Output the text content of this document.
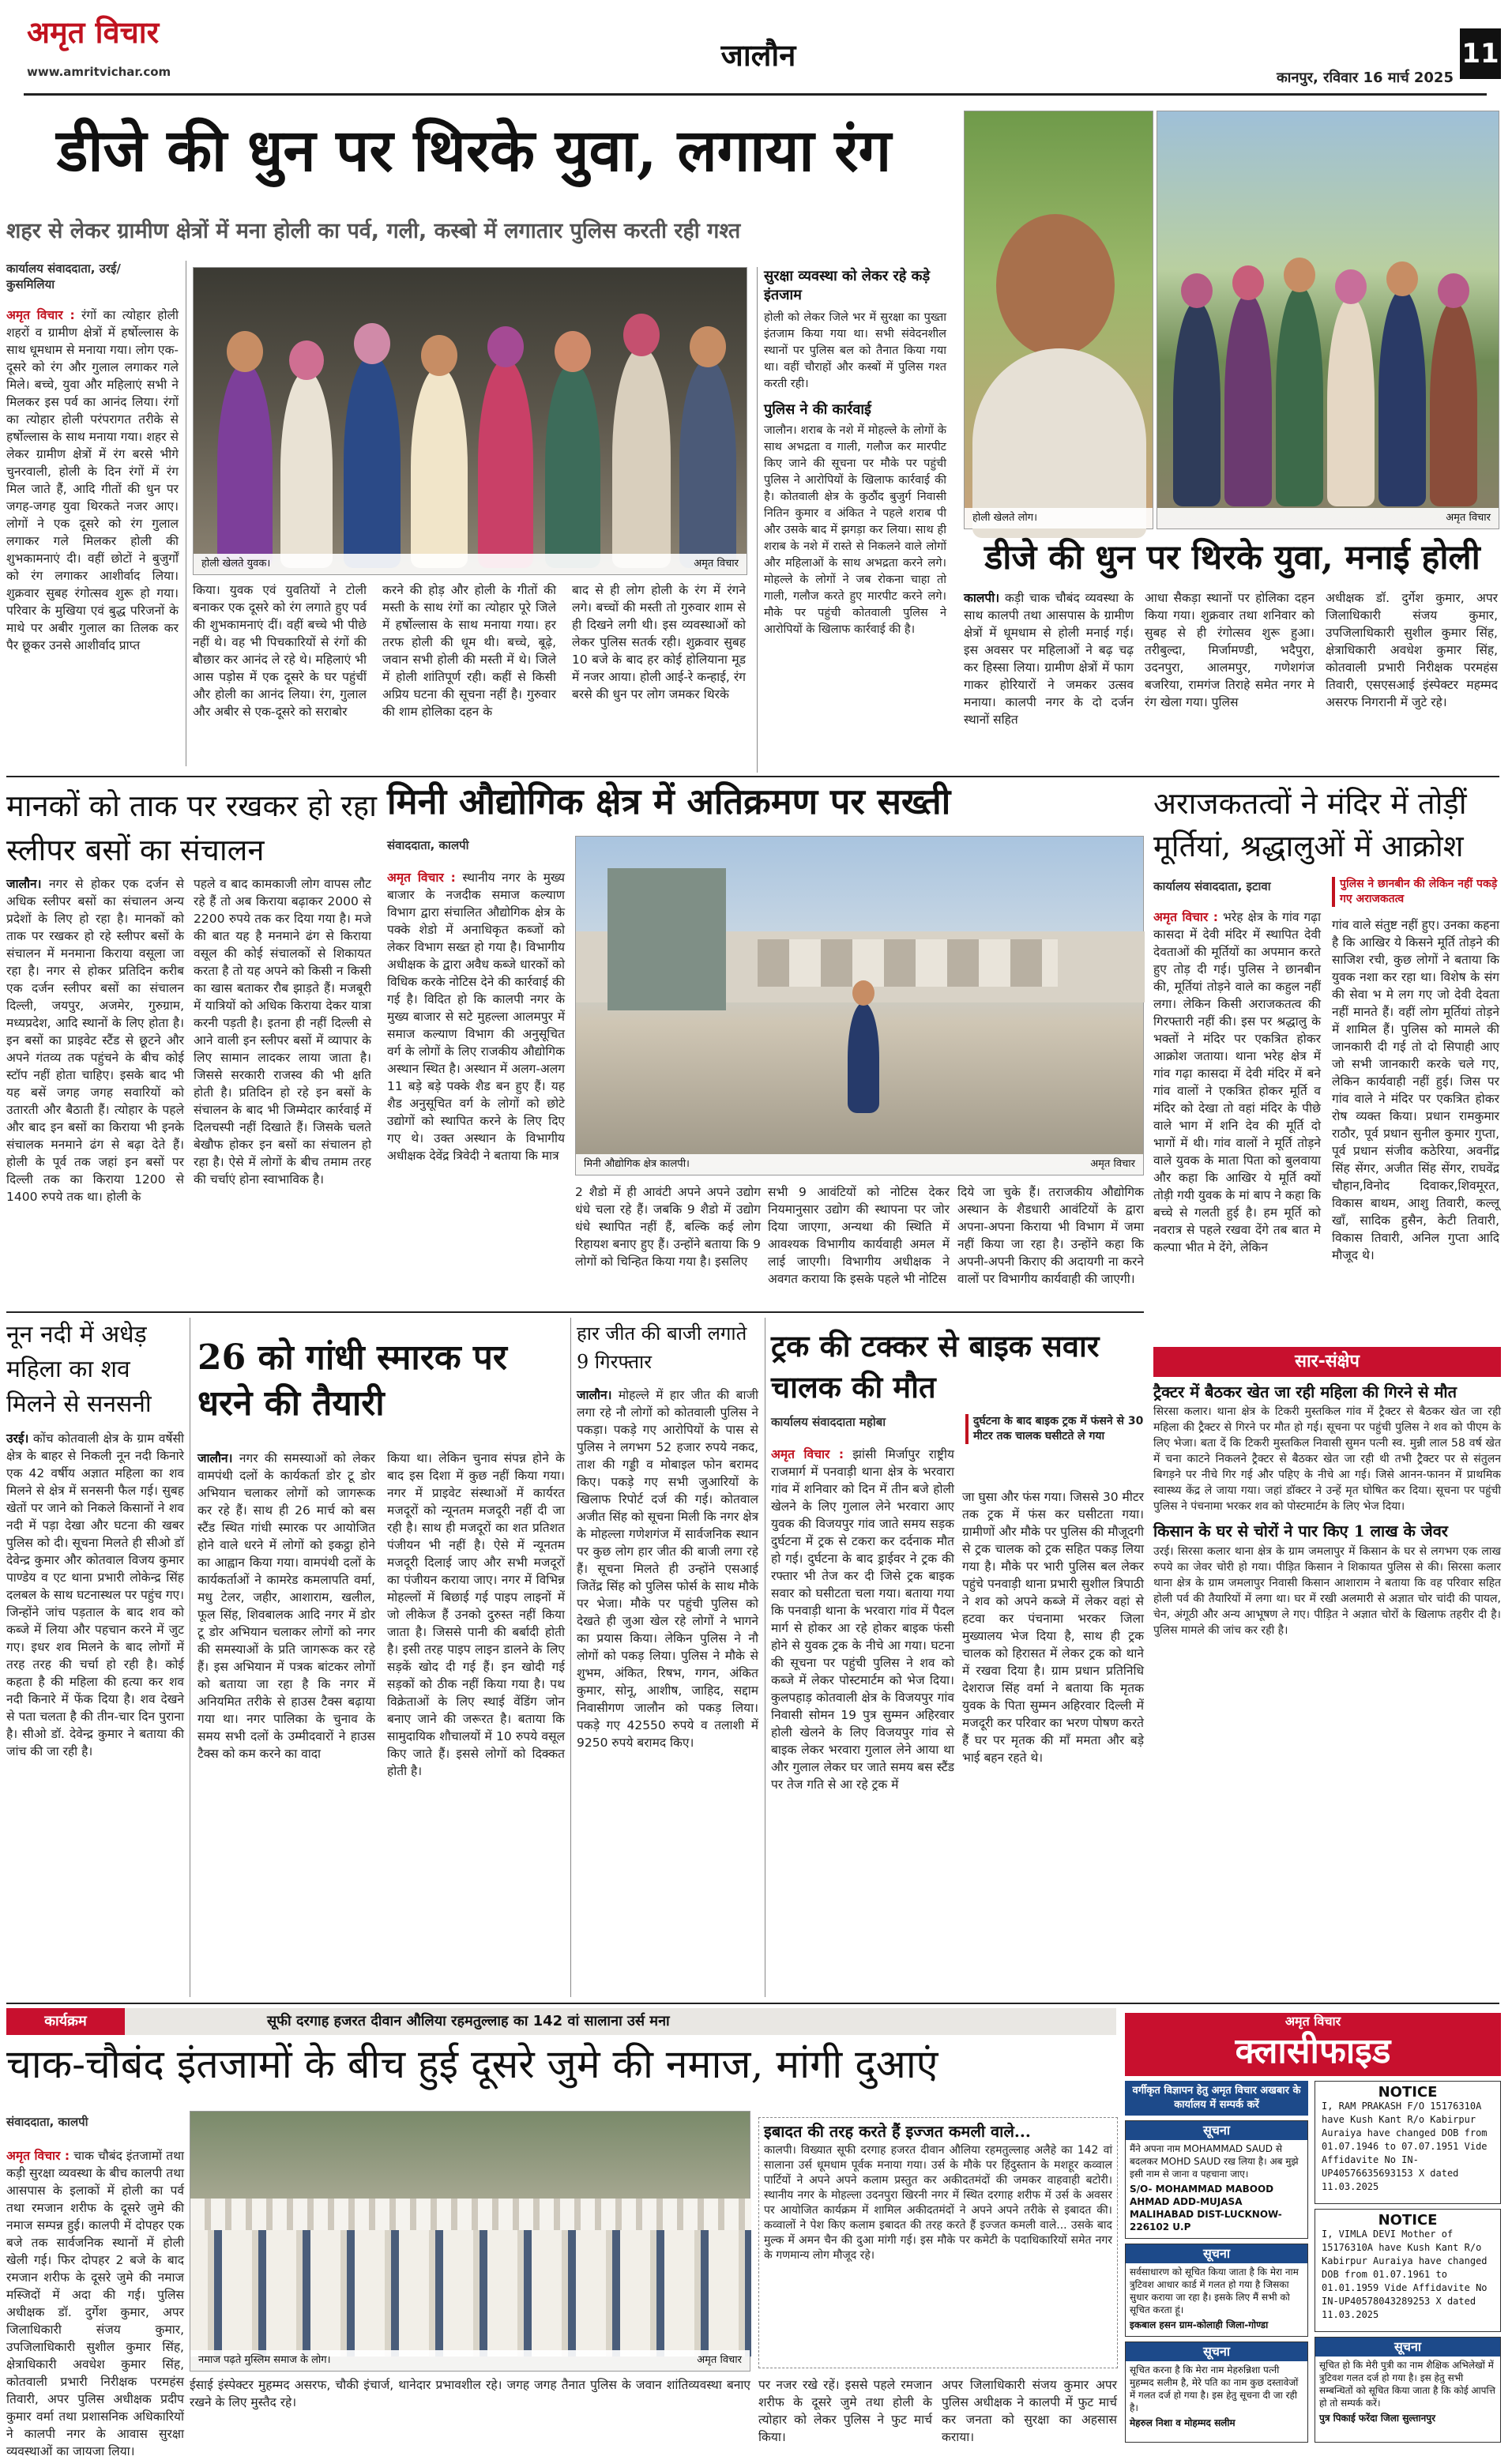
अमृत विचार
www.amritvichar.com	जालौन
कानपुर, रविवार 16 मार्च 2025
11
डीजे की धुन पर थिरके युवा, लगाया रंग
शहर से लेकर ग्रामीण क्षेत्रों में मना होली का पर्व, गली, कस्बो में लगातार पुलिस करती रही गश्त
कार्यालय संवाददाता, उरई/कुसमिलिया
अमृत विचार : रंगों का त्योहार होली शहरों व ग्रामीण क्षेत्रों में हर्षोल्लास के साथ धूमधाम से मनाया गया। लोग एक-दूसरे को रंग और गुलाल लगाकर गले मिले। बच्चे, युवा और महिलाएं सभी ने मिलकर इस पर्व का आनंद लिया। रंगों का त्योहार होली परंपरागत तरीके से हर्षोल्लास के साथ मनाया गया। शहर से लेकर ग्रामीण क्षेत्रों में रंग बरसे भीगे चुनरवाली, होली के दिन रंगों में रंग मिल जाते हैं, आदि गीतों की धुन पर जगह-जगह युवा थिरकते नजर आए। लोगों ने एक दूसरे को रंग गुलाल लगाकर गले मिलकर होली की शुभकामनाएं दी। वहीं छोटों ने बुजुर्गों को रंग लगाकर आशीर्वाद लिया। शुक्रवार सुबह रंगोत्सव शुरू हो गया। परिवार के मुखिया एवं बुद्ध परिजनों के माथे पर अबीर गुलाल का तिलक कर पैर छूकर उनसे आशीर्वाद प्राप्त
होली खेलते युवक।	अमृत विचार
किया। युवक एवं युवतियों ने टोली बनाकर एक दूसरे को रंग लगाते हुए पर्व की शुभकामनाएं दीं। वहीं बच्चे भी पीछे नहीं थे। वह भी पिचकारियों से रंगों की बौछार कर आनंद ले रहे थे। महिलाएं भी आस पड़ोस में एक दूसरे के घर पहुंचीं और होली का आनंद लिया। रंग, गुलाल और अबीर से एक-दूसरे को सराबोर
करने की होड़ और होली के गीतों की मस्ती के साथ रंगों का त्योहार पूरे जिले में हर्षोल्लास के साथ मनाया गया। हर तरफ होली की धूम थी। बच्चे, बूढ़े, जवान सभी होली की मस्ती में थे। जिले में होली शांतिपूर्ण रही। कहीं से किसी अप्रिय घटना की सूचना नहीं है। गुरुवार की शाम होलिका दहन के
बाद से ही लोग होली के रंग में रंगने लगे। बच्चों की मस्ती तो गुरुवार शाम से ही दिखने लगी थी। इस व्यवस्थाओं को लेकर पुलिस सतर्क रही। शुक्रवार सुबह 10 बजे के बाद हर कोई होलियाना मूड में नजर आया। होली आई-रे कन्हाई, रंग बरसे की धुन पर लोग जमकर थिरके
सुरक्षा व्यवस्था को लेकर रहे कड़े इंतजाम
होली को लेकर जिले भर में सुरक्षा का पुख्ता इंतजाम किया गया था। सभी संवेदनशील स्थानों पर पुलिस बल को तैनात किया गया था। वहीं चौराहों और कस्बों में पुलिस गश्त करती रही।
पुलिस ने की कार्रवाई
जालौन। शराब के नशे में मोहल्ले के लोगों के साथ अभद्रता व गाली, गलौज कर मारपीट किए जाने की सूचना पर मौके पर पहुंची पुलिस ने आरोपियों के खिलाफ कार्रवाई की है। कोतवाली क्षेत्र के कुठौंद बुजुर्ग निवासी नितिन कुमार व अंकित ने पहले शराब पी और उसके बाद में झगड़ा कर लिया। साथ ही शराब के नशे में रास्ते से निकलने वाले लोगों और महिलाओं के साथ अभद्रता करने लगे। मोहल्ले के लोगों ने जब रोकना चाहा तो गाली, गलौज करते हुए मारपीट करने लगे। मौके पर पहुंची कोतवाली पुलिस ने आरोपियों के खिलाफ कार्रवाई की है।
होली खेलते लोग।	अमृत विचार
डीजे की धुन पर थिरके युवा, मनाई होली
कालपी। कड़ी चाक चौबंद व्यवस्था के साथ कालपी तथा आसपास के ग्रामीण क्षेत्रों में धूमधाम से होली मनाई गई। इस अवसर पर महिलाओं ने बढ़ चढ़ कर हिस्सा लिया। ग्रामीण क्षेत्रों में फाग गाकर होरियारों ने जमकर उत्सव मनाया। कालपी नगर के दो दर्जन स्थानों सहित
आधा सैकड़ा स्थानों पर होलिका दहन किया गया। शुक्रवार तथा शनिवार को सुबह से ही रंगोत्सव शुरू हुआ। तरीबुल्दा, मिर्जामण्डी, भदैपुरा, उदनपुरा, आलमपुर, गणेशगंज बजरिया, रामगंज तिराहे समेत नगर मे रंग खेला गया। पुलिस
अधीक्षक डॉ. दुर्गेश कुमार, अपर जिलाधिकारी संजय कुमार, उपजिलाधिकारी सुशील कुमार सिंह, क्षेत्राधिकारी अवधेश कुमार सिंह, कोतवाली प्रभारी निरीक्षक परमहंस तिवारी, एसएसआई इंस्पेक्टर महम्मद असरफ निगरानी में जुटे रहे।
मानकों को ताक पर रखकर हो रहा स्लीपर बसों का संचालन
जालौन। नगर से होकर एक दर्जन से अधिक स्लीपर बसों का संचालन अन्य प्रदेशों के लिए हो रहा है। मानकों को ताक पर रखकर हो रहे स्लीपर बसों के संचालन में मनमाना किराया वसूला जा रहा है। नगर से होकर प्रतिदिन करीब एक दर्जन स्लीपर बसों का संचालन दिल्ली, जयपुर, अजमेर, गुरुग्राम, मध्यप्रदेश, आदि स्थानों के लिए होता है। इन बसों का प्राइवेट स्टैंड से छूटने और अपने गंतव्य तक पहुंचने के बीच कोई स्टॉप नहीं होता चाहिए। इसके बाद भी यह बसें जगह जगह सवारियों को उतारती और बैठाती हैं। त्योहार के पहले और बाद इन बसों का किराया भी इनके संचालक मनमाने ढंग से बढ़ा देते हैं। होली के पूर्व तक जहां इन बसों पर दिल्ली तक का किराया 1200 से 1400 रुपये तक था। होली के
पहले व बाद कामकाजी लोग वापस लौट रहे हैं तो अब किराया बढ़ाकर 2000 से 2200 रुपये तक कर दिया गया है। मजे की बात यह है मनमाने ढंग से किराया वसूल की कोई संचालकों से शिकायत करता है तो यह अपने को किसी न किसी का खास बताकर रौब झाड़ते हैं। मजबूरी में यात्रियों को अधिक किराया देकर यात्रा करनी पड़ती है। इतना ही नहीं दिल्ली से आने वाली इन स्लीपर बसों में व्यापार के लिए सामान लादकर लाया जाता है। जिससे सरकारी राजस्व की भी क्षति होती है। प्रतिदिन हो रहे इन बसों के संचालन के बाद भी जिम्मेदार कार्रवाई में दिलचस्पी नहीं दिखाते हैं। जिसके चलते बेखौफ होकर इन बसों का संचालन हो रहा है। ऐसे में लोगों के बीच तमाम तरह की चर्चाएं होना स्वाभाविक है।
मिनी औद्योगिक क्षेत्र में अतिक्रमण पर सख्ती
संवाददाता, कालपी
अमृत विचार : स्थानीय नगर के मुख्य बाजार के नजदीक समाज कल्याण विभाग द्वारा संचालित औद्योगिक क्षेत्र के पक्के शेडो में अनाधिकृत कब्जों को लेकर विभाग सख्त हो गया है। विभागीय अधीक्षक के द्वारा अवैध कब्जे धारकों को विधिक करके नोटिस देने की कार्रवाई की गई है। विदित हो कि कालपी नगर के मुख्य बाजार से सटे मुहल्ला आलमपुर में समाज कल्याण विभाग की अनुसूचित वर्ग के लोगों के लिए राजकीय औद्योगिक अस्थान स्थित है। अस्थान में अलग-अलग 11 बड़े बड़े पक्के शैड बन हुए हैं। यह शैड अनुसूचित वर्ग के लोगों को छोटे उद्योगों को स्थापित करने के लिए दिए गए थे। उक्त अस्थान के विभागीय अधीक्षक देवेंद्र त्रिवेदी ने बताया कि मात्र
मिनी औद्योगिक क्षेत्र कालपी।	अमृत विचार
2 शैडो में ही आवंटी अपने अपने उद्योग धंधे चला रहे हैं। जबकि 9 शैडो में उद्योग धंधे स्थापित नहीं हैं, बल्कि कई लोग रिहायश बनाए हुए हैं। उन्होंने बताया कि 9 लोगों को चिन्हित किया गया है। इसलिए
सभी 9 आवंटियों को नोटिस देकर नियमानुसार उद्योग की स्थापना पर जोर दिया जाएगा, अन्यथा की स्थिति में आवश्यक विभागीय कार्यवाही अमल में लाई जाएगी। विभागीय अधीक्षक ने अवगत कराया कि इसके पहले भी नोटिस
दिये जा चुके हैं। तराजकीय औद्योगिक अस्थान के शैडधारी आवंटियों के द्वारा अपना-अपना किराया भी विभाग में जमा नहीं किया जा रहा है। उन्होंने कहा कि अपनी-अपनी किराए की अदायगी ना करने वालों पर विभागीय कार्यवाही की जाएगी।
अराजकतत्वों ने मंदिर में तोड़ीं मूर्तियां, श्रद्धालुओं में आक्रोश
कार्यालय संवाददाता, इटावा	पुलिस ने छानबीन की लेकिन नहीं पकड़े गए अराजकतत्व
अमृत विचार : भरेह क्षेत्र के गांव गढ़ा कासदा में देवी मंदिर में स्थापित देवी देवताओं की मूर्तियों का अपमान करते हुए तोड़ दी गई। पुलिस ने छानबीन की, मूर्तियां तोड़ने वाले का कहुल नहीं लगा। लेकिन किसी अराजकतत्व की गिरफ्तारी नहीं की। इस पर श्रद्धालु के भक्तों ने मंदिर पर एकत्रित होकर आक्रोश जताया। थाना भरेह क्षेत्र में गांव गढ़ा कासदा में देवी मंदिर में बने गांव वालों ने एकत्रित होकर मूर्ति व मंदिर को देखा तो वहां मंदिर के पीछे वाले भाग में शनि देव की मूर्ति दो भागों में थी। गांव वालों ने मूर्ति तोड़ने वाले युवक के माता पिता को बुलवाया और कहा कि आखिर ये मूर्ति क्यों तोड़ी गयी युवक के मां बाप ने कहा कि बच्चे से गलती हुई है। हम मूर्ति को नवरात्र से पहले रखवा देंगे तब बात मे कल्पाा भीत मे देंगे, लेकिन
गांव वाले संतुष्ट नहीं हुए। उनका कहना है कि आखिर ये किसने मूर्ति तोड़ने की साजिश रची, कुछ लोगों ने बताया कि युवक नशा कर रहा था। विशेष के संग की सेवा भ मे लग गए जो देवी देवता नहीं मानते हैं। वहीं लोग मूर्तियां तोड़ने में शामिल हैं। पुलिस को मामले की जानकारी दी गई तो दो सिपाही आए जो सभी जानकारी करके चले गए, लेकिन कार्यवाही नहीं हुई। जिस पर गांव वाले ने मंदिर पर एकत्रित होकर रोष व्यक्त किया। प्रधान रामकुमार राठौर, पूर्व प्रधान सुनील कुमार गुप्ता, पूर्व प्रधान संजीव कठेरिया, अवनींद्र सिंह सेंगर, अजीत सिंह सेंगर, राघवेंद्र चौहान,विनोद दिवाकर,शिवमूरत, विकास बाथम, आशु तिवारी, कल्लू खाँ, सादिक हुसैन, केटी तिवारी, विकास तिवारी, अनिल गुप्ता आदि मौजूद थे।
नून नदी में अधेड़ महिला का शव मिलने से सनसनी
उरई। कोंच कोतवाली क्षेत्र के ग्राम वर्षेसी क्षेत्र के बाहर से निकली नून नदी किनारे एक 42 वर्षीय अज्ञात महिला का शव मिलने से क्षेत्र में सनसनी फैल गई। सुबह खेतों पर जाने को निकले किसानों ने शव नदी में पड़ा देखा और घटना की खबर पुलिस को दी। सूचना मिलते ही सीओ डॉ देवेन्द्र कुमार और कोतवाल विजय कुमार पाण्डेय व एट थाना प्रभारी लोकेन्द्र सिंह दलबल के साथ घटनास्थल पर पहुंच गए। जिन्होंने जांच पड़ताल के बाद शव को कब्जे में लिया और पहचान करने में जुट गए। इधर शव मिलने के बाद लोगों में तरह तरह की चर्चा हो रही है। कोई कहता है की महिला की हत्या कर शव नदी किनारे में फेंक दिया है। शव देखने से पता चलता है की तीन-चार दिन पुराना है। सीओ डॉ. देवेन्द्र कुमार ने बताया की जांच की जा रही है।
26 को गांधी स्मारक पर धरने की तैयारी
जालौन। नगर की समस्याओं को लेकर वामपंथी दलों के कार्यकर्ता डोर टू डोर अभियान चलाकर लोगों को जागरूक कर रहे हैं। साथ ही 26 मार्च को बस स्टैंड स्थित गांधी स्मारक पर आयोजित होने वाले धरने में लोगों को इकट्ठा होने का आह्वान किया गया। वामपंथी दलों के कार्यकर्ताओं ने कामरेड कमलापति वर्मा, मधु टेलर, जहीर, आशाराम, खलील, फूल सिंह, शिवबालक आदि नगर में डोर टू डोर अभियान चलाकर लोगों को नगर की समस्याओं के प्रति जागरूक कर रहे हैं। इस अभियान में पत्रक बांटकर लोगों को बताया जा रहा है कि नगर में अनियमित तरीके से हाउस टैक्स बढ़ाया गया था। नगर पालिका के चुनाव के समय सभी दलों के उम्मीदवारों ने हाउस टैक्स को कम करने का वादा
किया था। लेकिन चुनाव संपन्न होने के बाद इस दिशा में कुछ नहीं किया गया। नगर में प्राइवेट संस्थाओं में कार्यरत मजदूरों को न्यूनतम मजदूरी नहीं दी जा रही है। साथ ही मजदूरों का शत प्रतिशत पंजीयन भी नहीं है। ऐसे में न्यूनतम मजदूरी दिलाई जाए और सभी मजदूरों का पंजीयन कराया जाए। नगर में विभिन्न मोहल्लों में बिछाई गई पाइप लाइनों में जो लीकेज हैं उनको दुरुस्त नहीं किया जाता है। जिससे पानी की बर्बादी होती है। इसी तरह पाइप लाइन डालने के लिए सड़कें खोद दी गई हैं। इन खोदी गई सड़कों को ठीक नहीं किया गया है। पथ विक्रेताओं के लिए स्थाई वेंडिंग जोन बनाए जाने की जरूरत है। बताया कि सामुदायिक शौचालयों में 10 रुपये वसूल किए जाते हैं। इससे लोगों को दिक्कत होती है।
हार जीत की बाजी लगाते 9 गिरफ्तार
जालौन। मोहल्ले में हार जीत की बाजी लगा रहे नौ लोगों को कोतवाली पुलिस ने पकड़ा। पकड़े गए आरोपियों के पास से पुलिस ने लगभग 52 हजार रुपये नकद, ताश की गड्डी व मोबाइल फोन बरामद किए। पकड़े गए सभी जुआरियों के खिलाफ रिपोर्ट दर्ज की गई। कोतवाल अजीत सिंह को सूचना मिली कि नगर क्षेत्र के मोहल्ला गणेशगंज में सार्वजनिक स्थान पर कुछ लोग हार जीत की बाजी लगा रहे हैं। सूचना मिलते ही उन्होंने एसआई जितेंद्र सिंह को पुलिस फोर्स के साथ मौके पर भेजा। मौके पर पहुंची पुलिस को देखते ही जुआ खेल रहे लोगों ने भागने का प्रयास किया। लेकिन पुलिस ने नौ लोगों को पकड़ लिया। पुलिस ने मौके से शुभम, अंकित, रिषभ, गगन, अंकित कुमार, सोनू, आशीष, जाहिद, सद्दाम निवासीगण जालौन को पकड़ लिया। पकड़े गए 42550 रुपये व तलाशी में 9250 रुपये बरामद किए।
ट्रक की टक्कर से बाइक सवार चालक की मौत
कार्यालय संवाददाता महोबा	दुर्घटना के बाद बाइक ट्रक में फंसने से 30 मीटर तक चालक घसीटते ले गया
अमृत विचार : झांसी मिर्जापुर राष्ट्रीय राजमार्ग में पनवाड़ी थाना क्षेत्र के भरवारा गांव में शनिवार को दिन में तीन बजे होली खेलने के लिए गुलाल लेने भरवारा आए युवक की विजयपुर गांव जाते समय सड़क दुर्घटना में ट्रक से टकरा कर दर्दनाक मौत हो गई। दुर्घटना के बाद ड्राईवर ने ट्रक की रफ्तार भी तेज कर दी जिसे ट्रक बाइक सवार को घसीटता चला गया। बताया गया कि पनवाड़ी थाना के भरवारा गांव में पैदल मार्ग से होकर आ रहे होकर बाइक फंसी होने से युवक ट्रक के नीचे आ गया। घटना की सूचना पर पहुंची पुलिस ने शव को कब्जे में लेकर पोस्टमार्टम को भेज दिया। कुलपहाड़ कोतवाली क्षेत्र के विजयपुर गांव निवासी सोमन 19 पुत्र सुम्मन अहिरवार होली खेलने के लिए विजयपुर गांव से बाइक लेकर भरवारा गुलाल लेने आया था और गुलाल लेकर घर जाते समय बस स्टैंड पर तेज गति से आ रहे ट्रक में
जा घुसा और फंस गया। जिससे 30 मीटर तक ट्रक में फंस कर घसीटता गया। ग्रामीणों और मौके पर पुलिस की मौजूदगी से ट्रक चालक को ट्रक सहित पकड़ लिया गया है। मौके पर भारी पुलिस बल लेकर पहुंचे पनवाड़ी थाना प्रभारी सुशील त्रिपाठी ने शव को अपने कब्जे में लेकर वहां से हटवा कर पंचनामा भरकर जिला मुख्यालय भेज दिया है, साथ ही ट्रक चालक को हिरासत में लेकर ट्रक को थाने में रखवा दिया है। ग्राम प्रधान प्रतिनिधि देशराज सिंह वर्मा ने बताया कि मृतक युवक के पिता सुम्मन अहिरवार दिल्ली में मजदूरी कर परिवार का भरण पोषण करते हैं घर पर मृतक की माँ ममता और बड़े भाई बहन रहते थे।
सार-संक्षेप
ट्रैक्टर में बैठकर खेत जा रही महिला की गिरने से मौत
सिरसा कलार। थाना क्षेत्र के टिकरी मुस्तकिल गांव में ट्रैक्टर से बैठकर खेत जा रही महिला की ट्रैक्टर से गिरने पर मौत हो गई। सूचना पर पहुंची पुलिस ने शव को पीएम के लिए भेजा। बता दें कि टिकरी मुस्तकिल निवासी सुमन पत्नी स्व. मुन्नी लाल 58 वर्ष खेत में चना काटने निकलने ट्रैक्टर से बैठकर खेत जा रही थी तभी ट्रैक्टर पर से संतुलन बिगड़ने पर नीचे गिर गई और पहिए के नीचे आ गई। जिसे आनन-फानन में प्राथमिक स्वास्थ्य केंद्र ले जाया गया। जहां डॉक्टर ने उन्हें मृत घोषित कर दिया। सूचना पर पहुंची पुलिस ने पंचनामा भरकर शव को पोस्टमार्टम के लिए भेज दिया।
किसान के घर से चोरों ने पार किए 1 लाख के जेवर
उरई। सिरसा कलार थाना क्षेत्र के ग्राम जमलापुर में किसान के घर से लगभग एक लाख रुपये का जेवर चोरी हो गया। पीड़ित किसान ने शिकायत पुलिस से की। सिरसा कलार थाना क्षेत्र के ग्राम जमलापुर निवासी किसान आशाराम ने बताया कि वह परिवार सहित होली पर्व की तैयारियों में लगा था। घर में रखी अलमारी से अज्ञात चोर चांदी की पायल, चेन, अंगूठी और अन्य आभूषण ले गए। पीड़ित ने अज्ञात चोरों के खिलाफ तहरीर दी है। पुलिस मामले की जांच कर रही है।
कार्यक्रम	सूफी दरगाह हजरत दीवान औलिया रहमतुल्लाह का 142 वां सालाना उर्स मना
चाक-चौबंद इंतजामों के बीच हुई दूसरे जुमे की नमाज, मांगी दुआएं
संवाददाता, कालपी
अमृत विचार : चाक चौबंद इंतजामों तथा कड़ी सुरक्षा व्यवस्था के बीच कालपी तथा आसपास के इलाकों में होली का पर्व तथा रमजान शरीफ के दूसरे जुमे की नमाज सम्पन्न हुई। कालपी में दोपहर एक बजे तक सार्वजनिक स्थानों में होली खेली गई। फिर दोपहर 2 बजे के बाद रमजान शरीफ के दूसरे जुमे की नमाज मस्जिदों में अदा की गई। पुलिस अधीक्षक डॉ. दुर्गेश कुमार, अपर जिलाधिकारी संजय कुमार, उपजिलाधिकारी सुशील कुमार सिंह, क्षेत्राधिकारी अवधेश कुमार सिंह, कोतवाली प्रभारी निरीक्षक परमहंस तिवारी, अपर पुलिस अधीक्षक प्रदीप कुमार वर्मा तथा प्रशासनिक अधिकारियों ने कालपी नगर के आवास सुरक्षा व्यवस्थाओं का जायजा लिया।
नमाज पढ़ते मुस्लिम समाज के लोग।	अमृत विचार
ईसाई इंस्पेक्टर मुहम्मद असरफ, चौकी इंचार्ज, थानेदार प्रभावशील रहे। जगह जगह तैनात पुलिस के जवान शांतिव्यवस्था बनाए रखने के लिए मुस्तैद रहे।
इबादत की तरह करते हैं इज्जत कमली वाले...
कालपी। विख्यात सूफी दरगाह हजरत दीवान औलिया रहमतुल्लाह अलैहे का 142 वां सालाना उर्स धूमधाम पूर्वक मनाया गया। उर्स के मौके पर हिंदुस्तान के मशहूर कव्वाल पार्टियों ने अपने अपने कलाम प्रस्तुत कर अकीदतमंदों की जमकर वाहवाही बटोरी। स्थानीय नगर के मोहल्ला उदनपुरा खिरनी नगर में स्थित दरगाह शरीफ में उर्स के अवसर पर आयोजित कार्यक्रम में शामिल अकीदतमंदों ने अपने अपने तरीके से इबादत की। कव्वालों ने पेश किए कलाम इबादत की तरह करते हैं इज्जत कमली वाले... उसके बाद मुल्क में अमन चैन की दुआ मांगी गई। इस मौके पर कमेटी के पदाधिकारियों समेत नगर के गणमान्य लोग मौजूद रहे।
पर नजर रखे रहें। इससे पहले रमजान शरीफ के दूसरे जुमे तथा होली के त्योहार को लेकर पुलिस ने फुट मार्च किया।
अपर जिलाधिकारी संजय कुमार अपर पुलिस अधीक्षक ने कालपी में फुट मार्च कर जनता को सुरक्षा का अहसास कराया।
अमृत विचार
क्लासीफाइड
वर्गीकृत विज्ञापन हेतु अमृत विचार अखबार के कार्यालय में सम्पर्क करें
सूचना
मैंने अपना नाम MOHAMMAD SAUD से बदलकर MOHD SAUD रख लिया है। अब मुझे इसी नाम से जाना व पहचाना जाए।
S/O- MOHAMMAD MABOOD AHMAD ADD-MUJASA MALIHABAD DIST-LUCKNOW-226102 U.P
सूचना
सर्वसाधारण को सूचित किया जाता है कि मेरा नाम त्रुटिवश आधार कार्ड में गलत हो गया है जिसका सुधार कराया जा रहा है। इसके लिए मैं सभी को सूचित करता हूं।
इकबाल हसन ग्राम-कोलाही जिला-गोण्डा
सूचना
सूचित करना है कि मेरा नाम मेहरुन्निशा पत्नी मुहम्मद सलीम है, मेरे पति का नाम कुछ दस्तावेजों में गलत दर्ज हो गया है। इस हेतु सूचना दी जा रही है।
मेहरुल निशा व मोहम्मद सलीम
NOTICE
I, RAM PRAKASH F/O 15176310A have Kush Kant R/o Kabirpur Auraiya have changed DOB from 01.07.1946 to 07.07.1951 Vide Affidavite No IN-UP40576635693153 X dated 11.03.2025
NOTICE
I, VIMLA DEVI Mother of 15176310A have Kush Kant R/o Kabirpur Auraiya have changed DOB from 01.07.1961 to 01.01.1959 Vide Affidavite No IN-UP40578043289253 X dated 11.03.2025
सूचना
सूचित हो कि मेरी पुत्री का नाम शैक्षिक अभिलेखों में त्रुटिवश गलत दर्ज हो गया है। इस हेतु सभी सम्बन्धितों को सूचित किया जाता है कि कोई आपत्ति हो तो सम्पर्क करें।
पुत्र पिकाई फरेंदा जिला सुल्तानपुर
